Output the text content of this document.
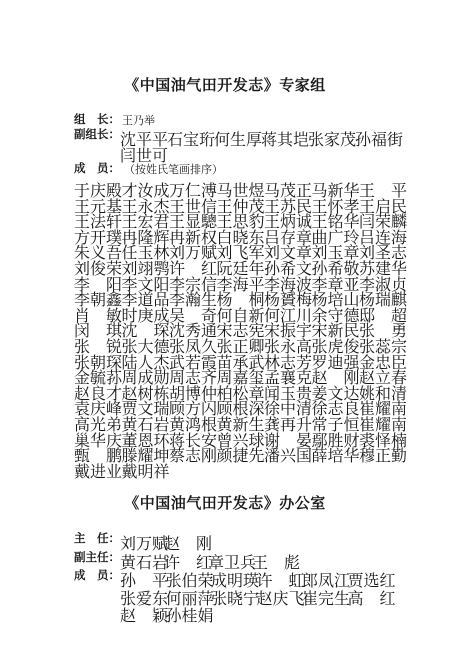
《中国油气田开发志》专家组
组　长： 王乃举
副组长： 沈平平
石宝珩
何生厚
蒋其垲
张家茂
孙福街
闫世可
成　员： （按姓氏笔画排序）
于庆殿 才汝成 万仁溥 马世煜 马茂正 马新华 王　平
王元基 王永杰 王世信 王仲茂 王苏民 王怀孝 王启民
王法轩 王宏君 王显驄 王思豹 王炳诚 王铭华 闫荣麟
方开璞 冉隆辉 冉新权 白晓东 吕存章 曲广玲 吕连海
朱义吾 任玉林 刘万赋 刘飞军 刘文章 刘玉章 刘圣志
刘俊荣 刘翊鹗 许　红 阮廷年 孙希文 孙希敬 苏建华
李　阳 李文阳 李宗信 李海平 李海波 李章亚 李淑贞
李朝鑫 李道品 李瀚生 杨　桐 杨贇梅 杨培山 杨瑞麒
肖　敏 时庚成 吴　奇 何自新 何江川 余守德 邸　超
闵　琪 沈　琛 沈秀通 宋志宪 宋振宇 宋新民 张　勇
张　锐 张大德 张凤久 张正卿 张永高 张虎俊 张蕊宗
张朝琛 陆人杰 武若霞 苗承武 林志芳 罗迪强 金忠臣
金毓荪 周成勋 周志齐 周嘉玺 孟襄克 赵　刚 赵立春
赵良才 赵树栋 胡博仲 柏松章 闻玉贵 姜文达 姚和清
袁庆峰 贾文瑞 顾方闪 顾根深 徐中清 徐志良 崔耀南
高光弟 黄石岩 黄鸿根 黄新生 龚再升 常子恒 崔耀南
巢华庆 董恩环 蒋长安 曾兴球 谢　晏 鄢胜财 裘怿楠
甄　鹏 滕耀坤 蔡志刚 颜捷先 潘兴国 薛培华 穆正勤
戴进业 戴明祥
《中国油气田开发志》办公室
主　任： 刘万赋
赵　刚
副主任： 黄石岩
许　红
章卫兵
王　彪
成　员： 孙　平
张伯荣
成明瑛
许　虹
郎凤江
贾选红
张爱东
何丽萍
张晓宁
赵庆飞
崔完生
高　红
赵　颖
孙桂娟
